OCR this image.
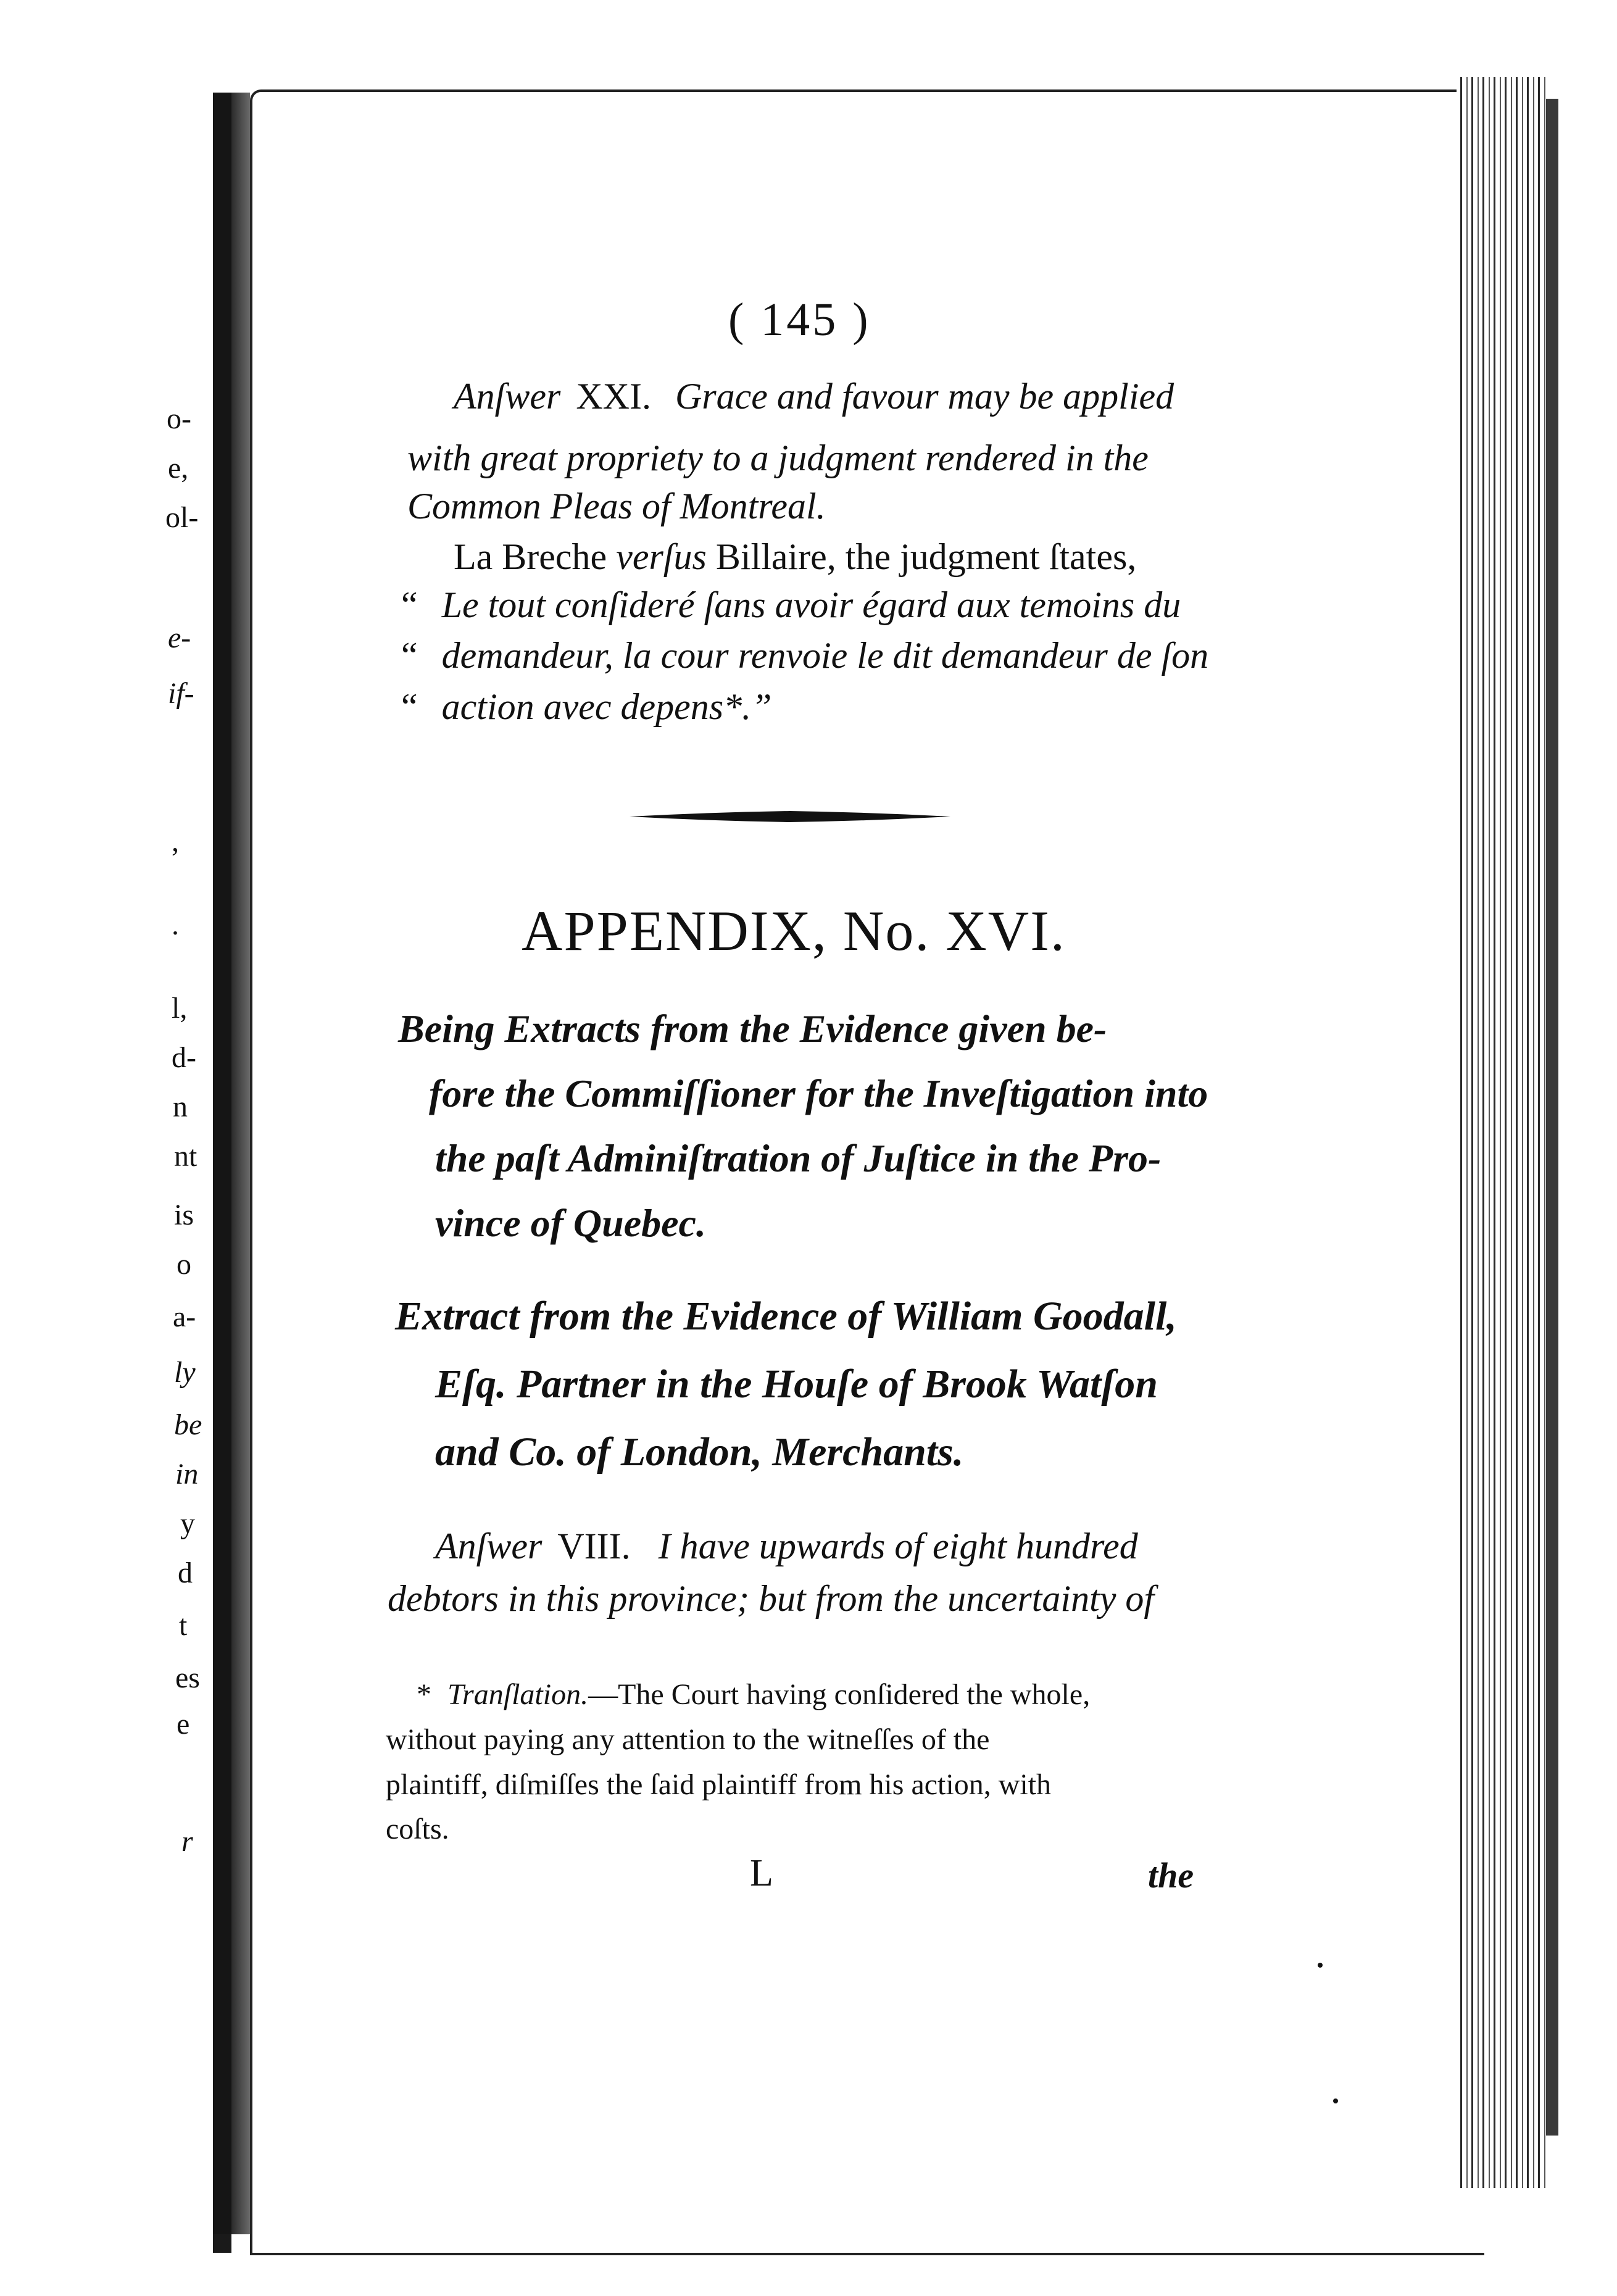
o-
e,
ol-
e-
if-
,
.
l,
d-
n
nt
is
o
a-
ly
be
in
y
d
t
es
e
r
( 145 )
Anſwer XXI. Grace and favour may be applied
with great propriety to a judgment rendered in the
Common Pleas of Montreal.
La Breche verſus Billaire, the judgment ſtates,
“ Le tout conſideré ſans avoir égard aux temoins du
“ demandeur, la cour renvoie le dit demandeur de ſon
“ action avec depens*.”
APPENDIX, No. XVI.
Being Extracts from the Evidence given be-
fore the Commiſſioner for the Inveſtigation into
the paſt Adminiſtration of Juſtice in the Pro-
vince of Quebec.
Extract from the Evidence of William Goodall,
Eſq. Partner in the Houſe of Brook Watſon
and Co. of London, Merchants.
Anſwer VIII. I have upwards of eight hundred
debtors in this province; but from the uncertainty of
* Tranſlation.—The Court having conſidered the whole,
without paying any attention to the witneſſes of the
plaintiff, diſmiſſes the ſaid plaintiff from his action, with
coſts.
L	the
